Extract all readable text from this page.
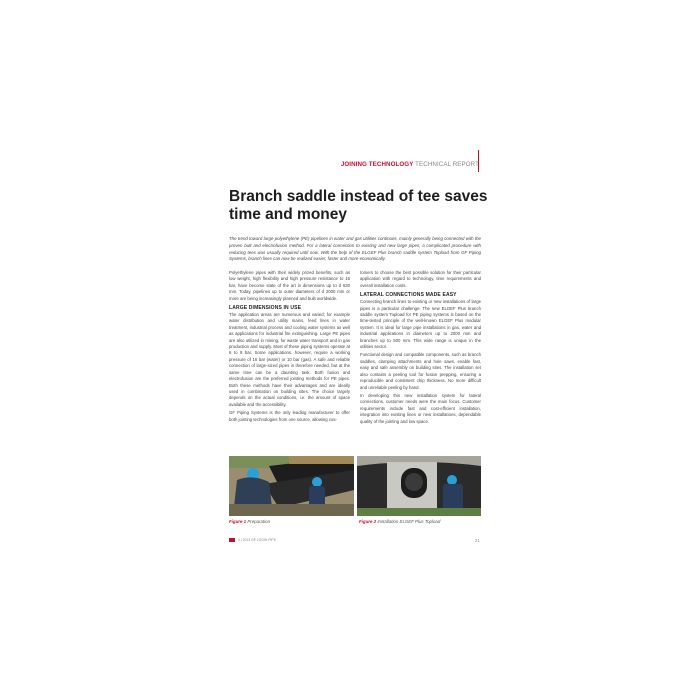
JOINING TECHNOLOGY TECHNICAL REPORT
Branch saddle instead of tee saves
time and money

The trend toward large polyethylene (PE) pipelines in water and gas utilities continues, mainly generally being connected with the proven butt and electrofusion method. For a lateral connection to existing and new large pipes, a complicated procedure with reducing tees was usually required until now. With the help of the ELGEF Plus branch saddle system Topload from GF Piping Systems, branch lines can now be realized easier, faster and more economically.

Polyethylene pipes with their widely prized benefits, such as low weight, high flexibility and high pressure resistance to 16 bar, have become state of the art in dimensions up to d 630 mm. Today, pipelines up to outer diameters of d 2000 mm or more are being increasingly planned and built worldwide.

LARGE DIMENSIONS IN USE

The application areas are numerous and varied; for example water distribution and utility mains, feed lines in water treatment, industrial process and cooling water systems as well as applications for industrial fire extinguishing. Large PE pipes are also utilized in mining, for waste water transport and in gas production and supply. Most of these piping systems operate at 6 to 8 bar. Some applications, however, require a working pressure of 16 bar (water) or 10 bar (gas). A safe and reliable connection of large-sized pipes is therefore needed, but at the same time can be a daunting task. Both fusion and electrofusion are the preferred jointing methods for PE pipes. Both these methods have their advantages and are ideally used in combination on building sites. The choice largely depends on the actual conditions, i.e. the amount of space available and the accessibility.

GF Piping Systems is the only leading manufacturer to offer both jointing technologies from one source, allowing cus-

tomers to choose the best possible solution for their particular application with regard to technology, time requirements and overall installation costs.

LATERAL CONNECTIONS MADE EASY

Connecting branch lines to existing or new installations of large pipes is a particular challenge. The new ELGEF Plus branch saddle system Topload for PE piping systems is based on the time-tested principle of the well-known ELGEF Plus modular system. It is ideal for large pipe installations in gas, water and industrial applications in diameters up to 2000 mm and branches up to 500 mm. This wide range is unique in the utilities sector.

Functional design and compatible components, such as branch saddles, clamping attachments and hole saws, enable fast, easy and safe assembly on building sites. The installation set also contains a peeling tool for fusion prepping, ensuring a reproducible and consistent chip thickness. No more difficult and unreliable peeling by hand.

In developing this new installation system for lateral connections, customer needs were the main focus. Customer requirements include fast and cost-efficient installation, integration into existing lines or new installations, dependable quality of the jointing and low space.

Figure 1 Preparation	Figure 2 Installation ELGEF Plus Topload
3 | 2013 GF LOGIN PIPE	21
